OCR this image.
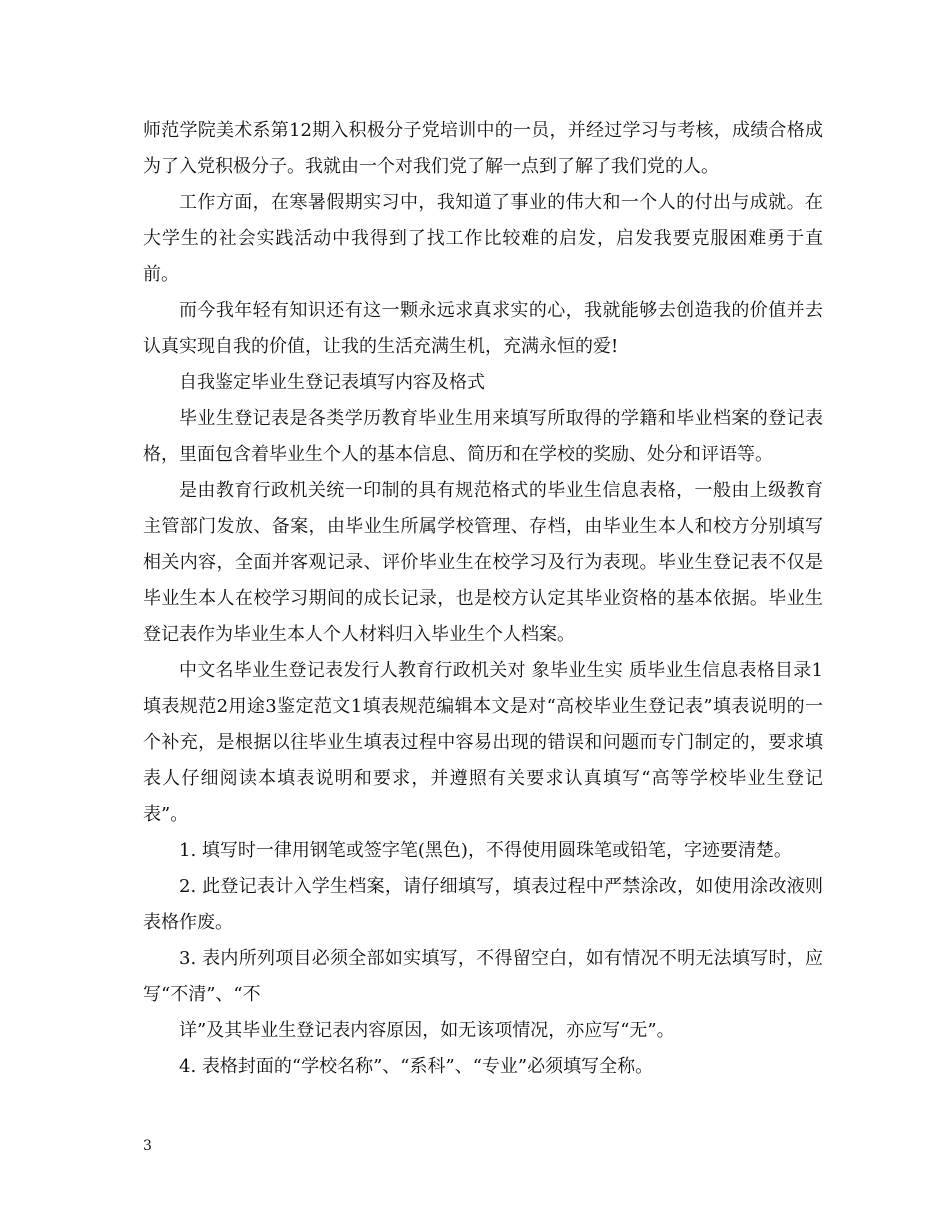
师范学院美术系第12期入积极分子党培训中的一员，并经过学习与考核，成绩合格成为了入党积极分子。我就由一个对我们党了解一点到了解了我们党的人。

工作方面，在寒暑假期实习中，我知道了事业的伟大和一个人的付出与成就。在大学生的社会实践活动中我得到了找工作比较难的启发，启发我要克服困难勇于直前。

而今我年轻有知识还有这一颗永远求真求实的心，我就能够去创造我的价值并去认真实现自我的价值，让我的生活充满生机，充满永恒的爱!

自我鉴定毕业生登记表填写内容及格式

毕业生登记表是各类学历教育毕业生用来填写所取得的学籍和毕业档案的登记表格，里面包含着毕业生个人的基本信息、简历和在学校的奖励、处分和评语等。

是由教育行政机关统一印制的具有规范格式的毕业生信息表格，一般由上级教育主管部门发放、备案，由毕业生所属学校管理、存档，由毕业生本人和校方分别填写相关内容，全面并客观记录、评价毕业生在校学习及行为表现。毕业生登记表不仅是毕业生本人在校学习期间的成长记录，也是校方认定其毕业资格的基本依据。毕业生登记表作为毕业生本人个人材料归入毕业生个人档案。

中文名毕业生登记表发行人教育行政机关对 象毕业生实 质毕业生信息表格目录1填表规范2用途3鉴定范文1填表规范编辑本文是对“高校毕业生登记表”填表说明的一个补充，是根据以往毕业生填表过程中容易出现的错误和问题而专门制定的，要求填表人仔细阅读本填表说明和要求，并遵照有关要求认真填写“高等学校毕业生登记表”。

1. 填写时一律用钢笔或签字笔(黑色)，不得使用圆珠笔或铅笔，字迹要清楚。

2. 此登记表计入学生档案，请仔细填写，填表过程中严禁涂改，如使用涂改液则表格作废。

3. 表内所列项目必须全部如实填写，不得留空白，如有情况不明无法填写时，应写“不清”、“不

详”及其毕业生登记表内容原因，如无该项情况，亦应写“无”。

4. 表格封面的“学校名称”、“系科”、“专业”必须填写全称。

3
